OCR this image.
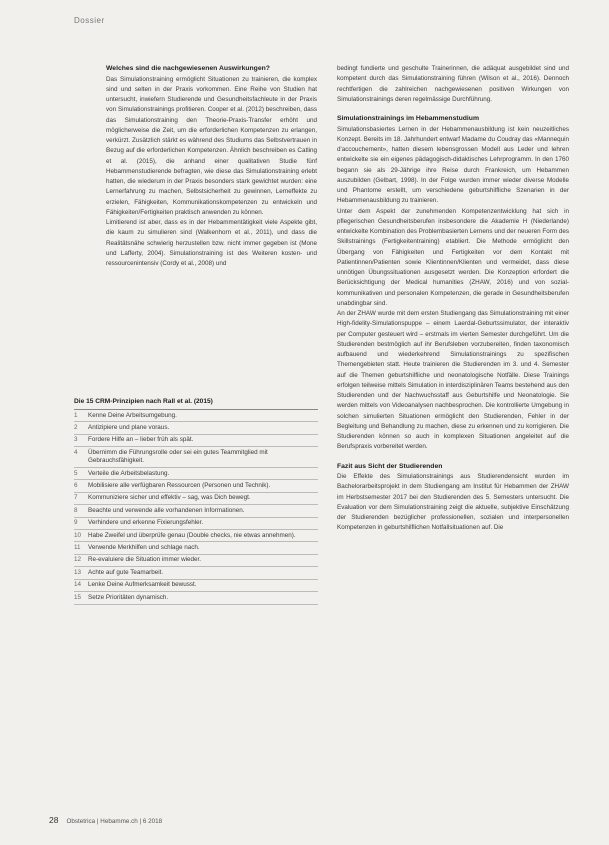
Dossier

Welches sind die nachgewiesenen Auswirkungen?

Das Simulationstraining ermöglicht Situationen zu trainieren, die komplex sind und selten in der Praxis vorkommen. Eine Reihe von Studien hat untersucht, inwiefern Studierende und Gesundheitsfachleute in der Praxis von Simulationstrainings profitieren. Cooper et al. (2012) beschreiben, dass das Simulationstraining den Theorie-Praxis-Transfer erhöht und möglicherweise die Zeit, um die erforderlichen Kompetenzen zu erlangen, verkürzt. Zusätzlich stärkt es während des Studiums das Selbstvertrauen in Bezug auf die erforderlichen Kompetenzen. Ähnlich beschreiben es Catling et al. (2015), die anhand einer qualitativen Studie fünf Hebammenstudierende befragten, wie diese das Simulationstraining erlebt hatten, die wiederum in der Praxis besonders stark gewichtet wurden: eine Lernerfahrung zu machen, Selbstsicherheit zu gewinnen, Lerneffekte zu erzielen, Fähigkeiten, Kommunikationskompetenzen zu entwickeln und Fähigkeiten/Fertigkeiten praktisch anwenden zu können.

Limitierend ist aber, dass es in der Hebammentätigkeit viele Aspekte gibt, die kaum zu simulieren sind (Walkenhorn et al., 2011), und dass die Realitätsnähe schwierig herzustellen bzw. nicht immer gegeben ist (Mone und Lafferty, 2004). Simulationstraining ist des Weiteren kosten- und ressourcenintensiv (Cordy et al., 2008) und

Die 15 CRM-Prinzipien nach Rall et al. (2015)

1	Kenne Deine Arbeitsumgebung.
2	Antizipiere und plane voraus.
3	Fordere Hilfe an – lieber früh als spät.
4	Übernimm die Führungsrolle oder sei ein gutes Teammitglied mit Gebrauchsfähigkeit.
5	Verteile die Arbeitsbelastung.
6	Mobilisiere alle verfügbaren Ressourcen (Personen und Technik).
7	Kommuniziere sicher und effektiv – sag, was Dich bewegt.
8	Beachte und verwende alle vorhandenen Informationen.
9	Verhindere und erkenne Fixierungsfehler.
10	Habe Zweifel und überprüfe genau (Double checks, nie etwas annehmen).
11	Verwende Merkhilfen und schlage nach.
12	Re-evaluiere die Situation immer wieder.
13	Achte auf gute Teamarbeit.
14	Lenke Deine Aufmerksamkeit bewusst.
15	Setze Prioritäten dynamisch.

bedingt fundierte und geschulte Trainerinnen, die adäquat ausgebildet sind und kompetent durch das Simulationstraining führen (Wilson et al., 2016). Dennoch rechtfertigen die zahlreichen nachgewiesenen positiven Wirkungen von Simulationstrainings deren regelmässige Durchführung.

Simulationstrainings im Hebammenstudium

Simulationsbasiertes Lernen in der Hebammenausbildung ist kein neuzeitliches Konzept. Bereits im 18. Jahrhundert entwarf Madame du Coudray das «Mannequin d'accouchement», hatten diesem lebensgrossen Modell aus Leder und lehren entwickelte sie ein eigenes pädagogisch-didaktisches Lehrprogramm. In den 1760 begann sie als 29-Jährige ihre Reise durch Frankreich, um Hebammen auszubilden (Gelbart, 1998). In der Folge wurden immer wieder diverse Modelle und Phantome erstellt, um verschiedene geburtshilfliche Szenarien in der Hebammenausbildung zu trainieren.

Unter dem Aspekt der zunehmenden Kompetenzentwicklung hat sich in pflegerischen Gesundheitsberufen insbesondere die Akademie H (Niederlande) entwickelte Kombination des Problembasierten Lernens und der neueren Form des Skillstrainings (Fertigkeitentraining) etabliert. Die Methode ermöglicht den Übergang von Fähigkeiten und Fertigkeiten vor dem Kontakt mit Patientinnen/Patienten sowie Klientinnen/Klienten und vermeidet, dass diese unnötigen Übungssituationen ausgesetzt werden. Die Konzeption erfordert die Berücksichtigung der Medical humanities (ZHAW, 2016) und von sozial-kommunikativen und personalen Kompetenzen, die gerade in Gesundheitsberufen unabdingbar sind.

An der ZHAW wurde mit dem ersten Studiengang das Simulationstraining mit einer High-fidelity-Simulationspuppe – einem Laerdal-Geburtssimulator, der interaktiv per Computer gesteuert wird – erstmals im vierten Semester durchgeführt. Um die Studierenden bestmöglich auf ihr Berufsleben vorzubereiten, finden taxonomisch aufbauend und wiederkehrend Simulationstrainings zu spezifischen Themengebieten statt. Heute trainieren die Studierenden im 3. und 4. Semester auf die Themen geburtshilfliche und neonatologische Notfälle. Diese Trainings erfolgen teilweise mittels Simulation in interdisziplinären Teams bestehend aus den Studierenden und der Nachwuchsstaff aus Geburtshilfe und Neonatologie. Sie werden mittels von Videoanalysen nachbesprochen. Die kontrollierte Umgebung in solchen simulierten Situationen ermöglicht den Studierenden, Fehler in der Begleitung und Behandlung zu machen, diese zu erkennen und zu korrigieren. Die Studierenden können so auch in komplexen Situationen angeleitet auf die Berufspraxis vorbereitet werden.

Fazit aus Sicht der Studierenden

Die Effekte des Simulationstrainings aus Studierendensicht wurden im Bachelorarbeitsprojekt in dem Studiengang am Institut für Hebammen der ZHAW im Herbstsemester 2017 bei den Studierenden des 5. Semesters untersucht. Die Evaluation vor dem Simulationstraining zeigt die aktuelle, subjektive Einschätzung der Studierenden bezüglicher professionellen, sozialen und interpersonellen Kompetenzen in geburtshilflichen Notfallsituationen auf. Die

28 Obstetrica | Hebamme.ch | 6 2018
